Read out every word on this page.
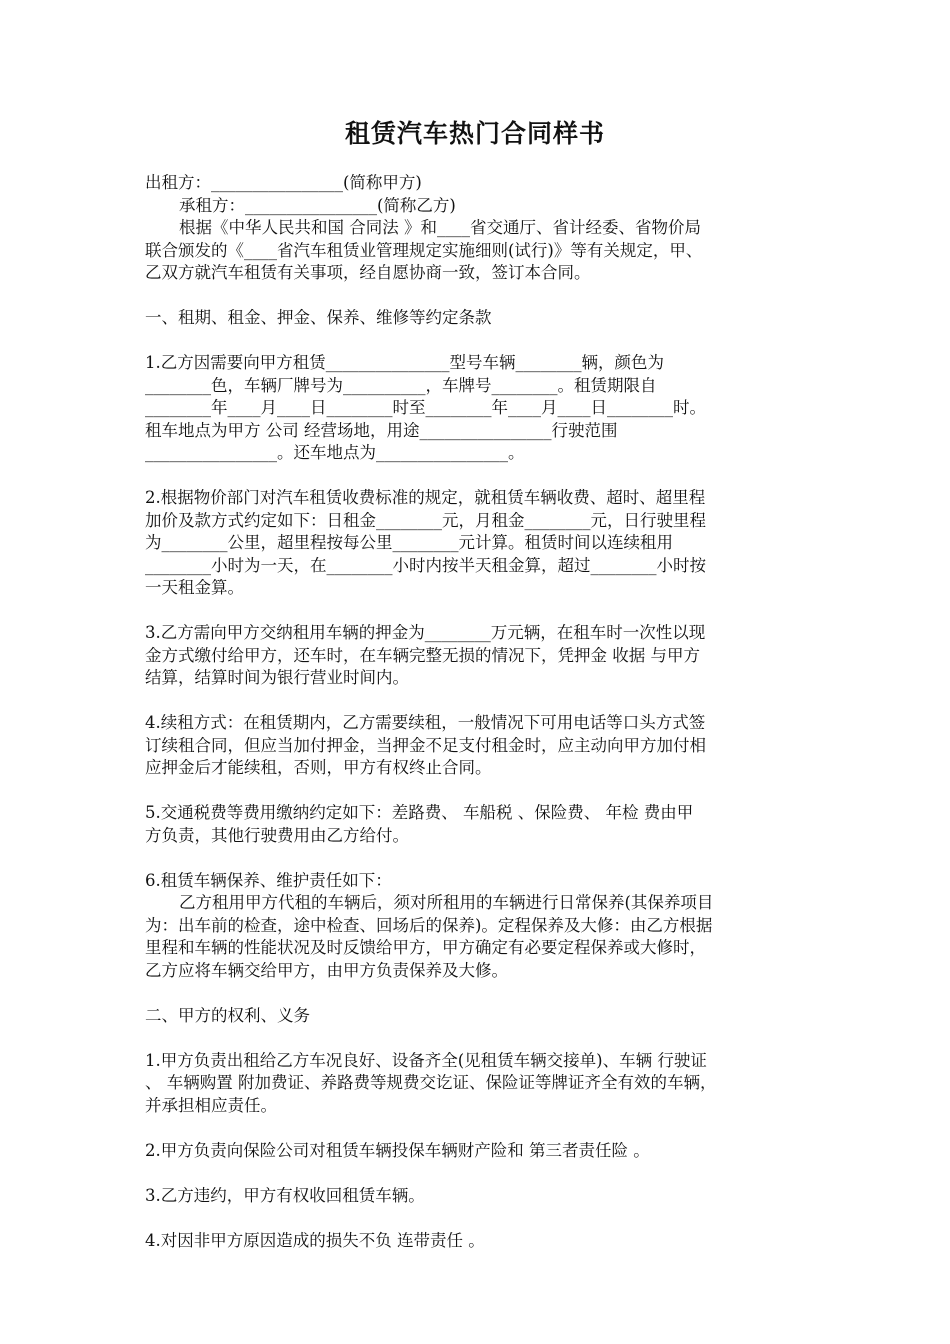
租赁汽车热门合同样书

出租方：________________(简称甲方)

承租方：________________(简称乙方)

根据《中华人民共和国 合同法 》和____省交通厅、省计经委、省物价局

联合颁发的《____省汽车租赁业管理规定实施细则(试行)》等有关规定，甲、

乙双方就汽车租赁有关事项，经自愿协商一致，签订本合同。

一、租期、租金、押金、保养、维修等约定条款

1.乙方因需要向甲方租赁_______________型号车辆________辆，颜色为

________色，车辆厂牌号为__________，车牌号________。租赁期限自

________年____月____日________时至________年____月____日________时。

租车地点为甲方 公司 经营场地，用途________________行驶范围

________________。还车地点为________________。

2.根据物价部门对汽车租赁收费标准的规定，就租赁车辆收费、超时、超里程

加价及款方式约定如下：日租金________元，月租金________元，日行驶里程

为________公里，超里程按每公里________元计算。租赁时间以连续租用

________小时为一天，在________小时内按半天租金算，超过________小时按

一天租金算。

3.乙方需向甲方交纳租用车辆的押金为________万元辆，在租车时一次性以现

金方式缴付给甲方，还车时，在车辆完整无损的情况下，凭押金 收据 与甲方

结算，结算时间为银行营业时间内。

4.续租方式：在租赁期内，乙方需要续租，一般情况下可用电话等口头方式签

订续租合同，但应当加付押金，当押金不足支付租金时，应主动向甲方加付相

应押金后才能续租，否则，甲方有权终止合同。

5.交通税费等费用缴纳约定如下：差路费、 车船税 、保险费、 年检 费由甲

方负责，其他行驶费用由乙方给付。

6.租赁车辆保养、维护责任如下：

乙方租用甲方代租的车辆后，须对所租用的车辆进行日常保养(其保养项目

为：出车前的检查，途中检查、回场后的保养)。定程保养及大修：由乙方根据

里程和车辆的性能状况及时反馈给甲方，甲方确定有必要定程保养或大修时，

乙方应将车辆交给甲方，由甲方负责保养及大修。

二、甲方的权利、义务

1.甲方负责出租给乙方车况良好、设备齐全(见租赁车辆交接单)、车辆 行驶证

、 车辆购置 附加费证、养路费等规费交讫证、保险证等牌证齐全有效的车辆，

并承担相应责任。

2.甲方负责向保险公司对租赁车辆投保车辆财产险和 第三者责任险 。

3.乙方违约，甲方有权收回租赁车辆。

4.对因非甲方原因造成的损失不负 连带责任 。
